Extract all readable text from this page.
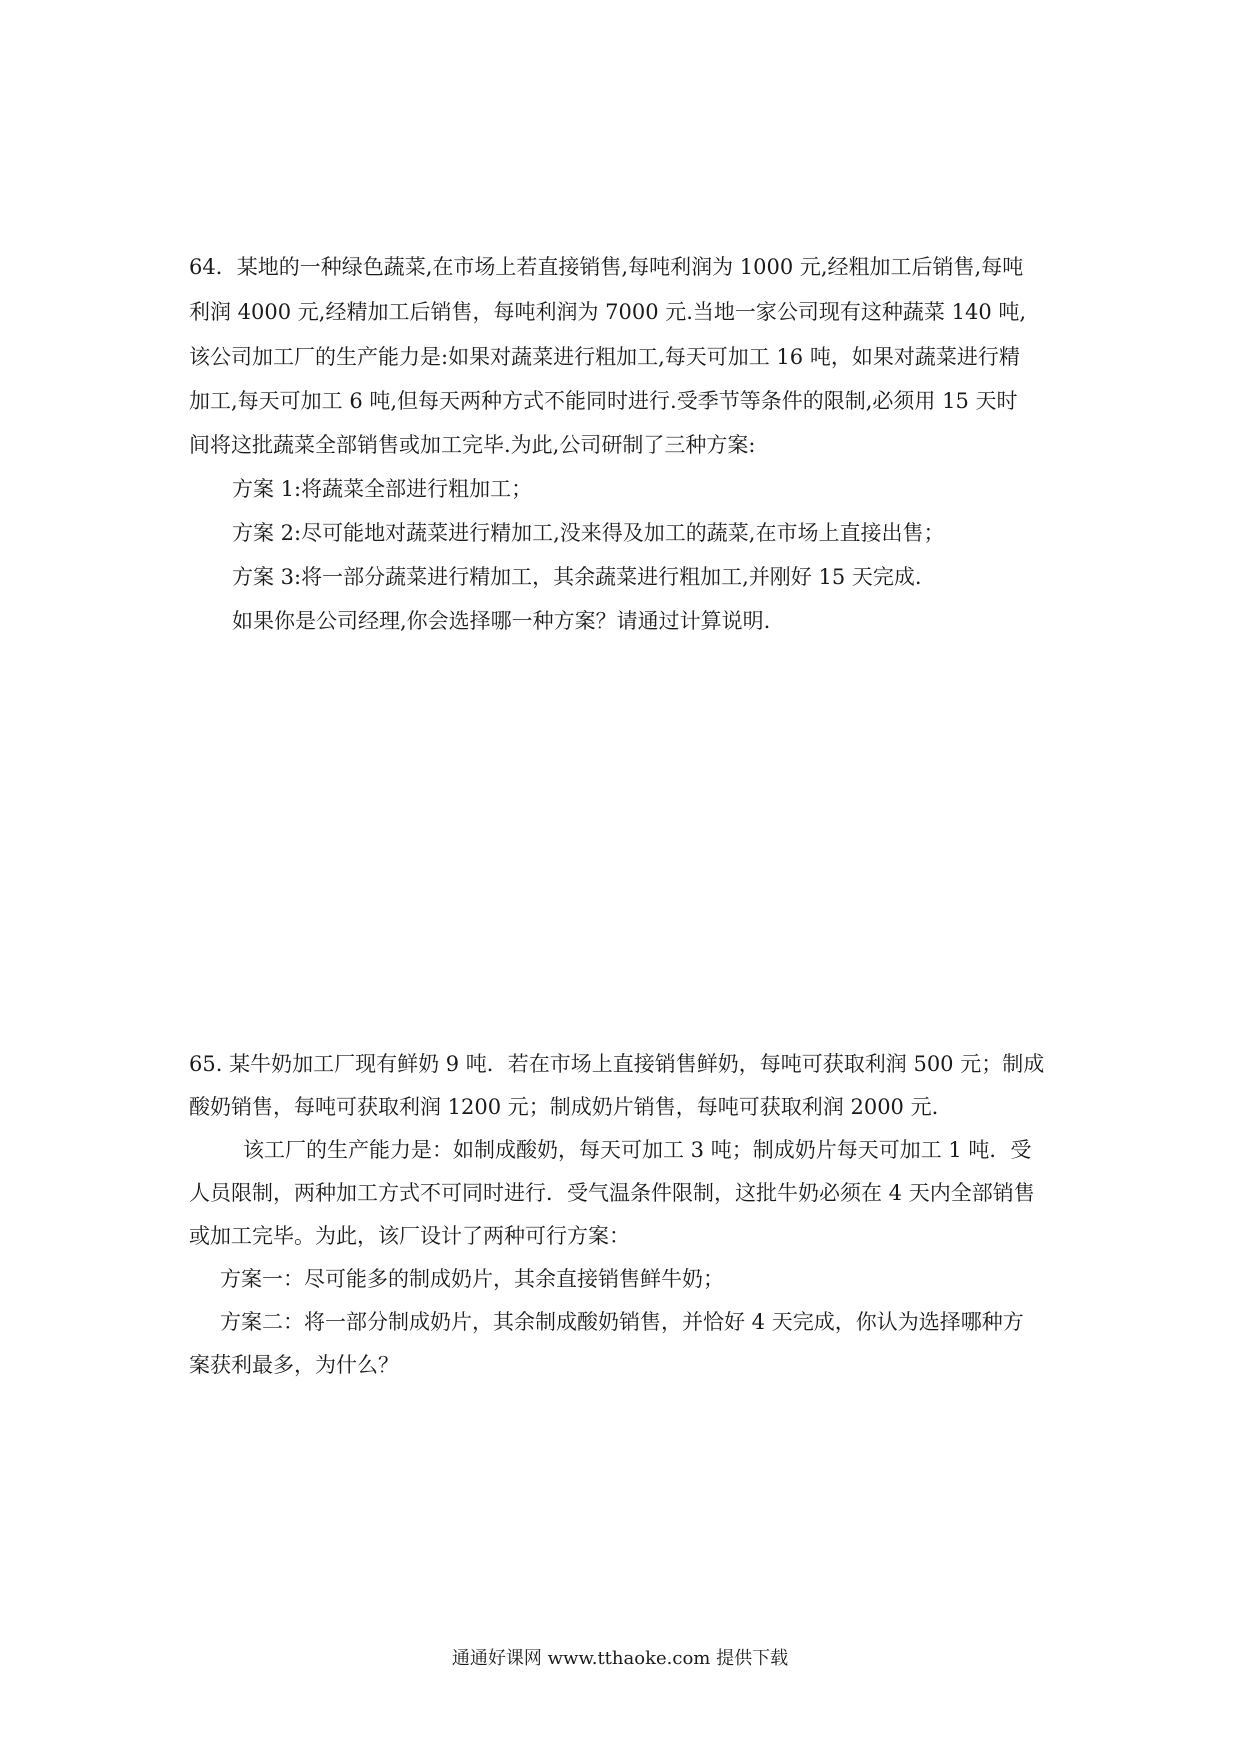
64．某地的一种绿色蔬菜,在市场上若直接销售,每吨利润为 1000 元,经粗加工后销售,每吨
利润 4000 元,经精加工后销售，每吨利润为 7000 元.当地一家公司现有这种蔬菜 140 吨,
该公司加工厂的生产能力是:如果对蔬菜进行粗加工,每天可加工 16 吨，如果对蔬菜进行精
加工,每天可加工 6 吨,但每天两种方式不能同时进行.受季节等条件的限制,必须用 15 天时
间将这批蔬菜全部销售或加工完毕.为此,公司研制了三种方案:
方案 1:将蔬菜全部进行粗加工；
方案 2:尽可能地对蔬菜进行精加工,没来得及加工的蔬菜,在市场上直接出售；
方案 3:将一部分蔬菜进行精加工，其余蔬菜进行粗加工,并刚好 15 天完成.
如果你是公司经理,你会选择哪一种方案？请通过计算说明.
65. 某牛奶加工厂现有鲜奶 9 吨．若在市场上直接销售鲜奶，每吨可获取利润 500 元；制成
酸奶销售，每吨可获取利润 1200 元；制成奶片销售，每吨可获取利润 2000 元.
该工厂的生产能力是：如制成酸奶，每天可加工 3 吨；制成奶片每天可加工 1 吨．受
人员限制，两种加工方式不可同时进行．受气温条件限制，这批牛奶必须在 4 天内全部销售
或加工完毕。为此，该厂设计了两种可行方案：
方案一：尽可能多的制成奶片，其余直接销售鲜牛奶；
方案二：将一部分制成奶片，其余制成酸奶销售，并恰好 4 天完成，你认为选择哪种方
案获利最多，为什么？
通通好课网 www.tthaoke.com 提供下载
